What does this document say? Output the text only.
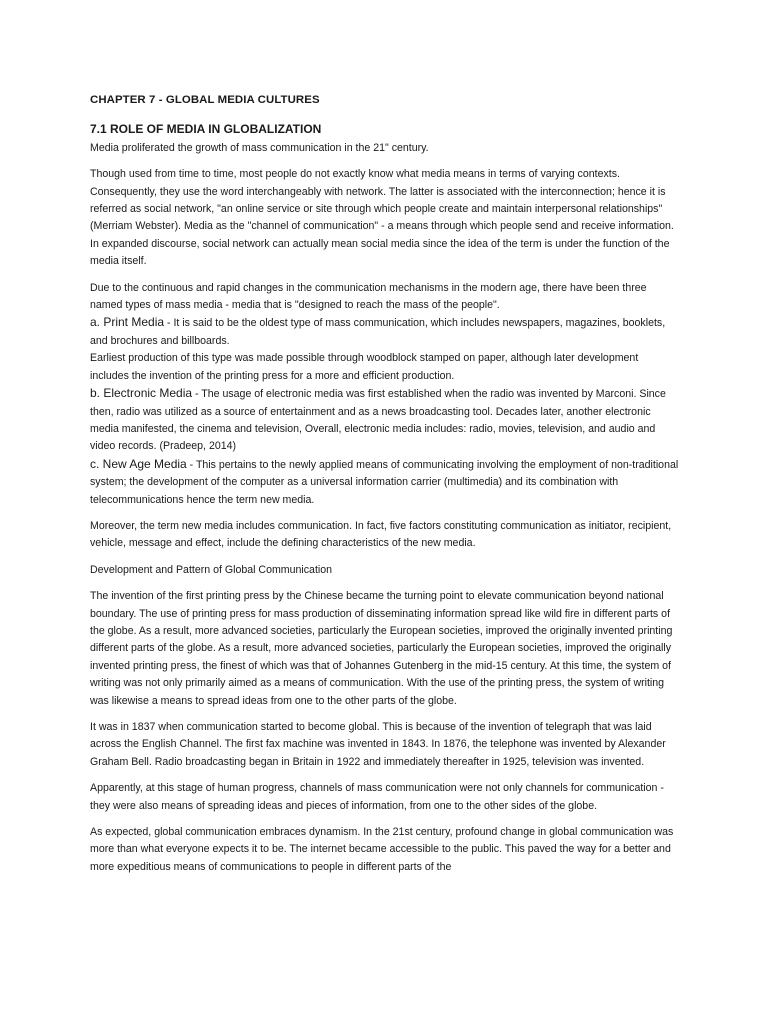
CHAPTER 7 - GLOBAL MEDIA CULTURES
7.1 ROLE OF MEDIA IN GLOBALIZATION

Media proliferated the growth of mass communication in the 21" century.

Though used from time to time, most people do not exactly know what media means in terms of varying contexts. Consequently, they use the word interchangeably with network. The latter is associated with the interconnection; hence it is referred as social network, "an online service or site through which people create and maintain interpersonal relationships" (Merriam Webster). Media as the "channel of communication" - a means through which people send and receive information. In expanded discourse, social network can actually mean social media since the idea of the term is under the function of the media itself.

Due to the continuous and rapid changes in the communication mechanisms in the modern age, there have been three named types of mass media - media that is "designed to reach the mass of the people".

a. Print Media - It is said to be the oldest type of mass communication, which includes newspapers, magazines, booklets, and brochures and billboards.

Earliest production of this type was made possible through woodblock stamped on paper, although later development includes the invention of the printing press for a more and efficient production.

b. Electronic Media - The usage of electronic media was first established when the radio was invented by Marconi. Since then, radio was utilized as a source of entertainment and as a news broadcasting tool. Decades later, another electronic media manifested, the cinema and television, Overall, electronic media includes: radio, movies, television, and audio and video records. (Pradeep, 2014)

c. New Age Media - This pertains to the newly applied means of communicating involving the employment of non-traditional system; the development of the computer as a universal information carrier (multimedia) and its combination with telecommunications hence the term new media.

Moreover, the term new media includes communication. In fact, five factors constituting communication as initiator, recipient, vehicle, message and effect, include the defining characteristics of the new media.

Development and Pattern of Global Communication

The invention of the first printing press by the Chinese became the turning point to elevate communication beyond national boundary. The use of printing press for mass production of disseminating information spread like wild fire in different parts of the globe. As a result, more advanced societies, particularly the European societies, improved the originally invented printing different parts of the globe. As a result, more advanced societies, particularly the European societies, improved the originally invented printing press, the finest of which was that of Johannes Gutenberg in the mid-15 century. At this time, the system of writing was not only primarily aimed as a means of communication. With the use of the printing press, the system of writing was likewise a means to spread ideas from one to the other parts of the globe.

It was in 1837 when communication started to become global. This is because of the invention of telegraph that was laid across the English Channel. The first fax machine was invented in 1843. In 1876, the telephone was invented by Alexander Graham Bell. Radio broadcasting began in Britain in 1922 and immediately thereafter in 1925, television was invented.

Apparently, at this stage of human progress, channels of mass communication were not only channels for communication - they were also means of spreading ideas and pieces of information, from one to the other sides of the globe.

As expected, global communication embraces dynamism. In the 21st century, profound change in global communication was more than what everyone expects it to be. The internet became accessible to the public. This paved the way for a better and more expeditious means of communications to people in different parts of the
